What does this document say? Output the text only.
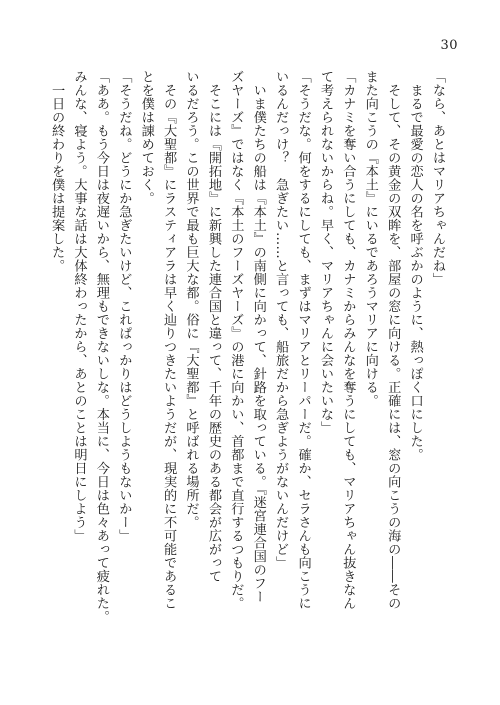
30

「なら、あとはマリアちゃんだね」

　まるで最愛の恋人の名を呼ぶかのように、熱っぽく口にした。

　そして、その黄金の双眸を、部屋の窓に向ける。正確には、窓の向こうの海の――その

また向こうの『本土』にいるであろうマリアに向ける。

「カナミを奪い合うにしても、カナミからみんなを奪うにしても、マリアちゃん抜きなん

て考えられないからね。早く、マリアちゃんに会いたいな」

「そうだな。何をするにしても、まずはマリアとリーパーだ。確か、セラさんも向こうに

いるんだっけ？　急ぎたい……と言っても、船旅だから急ぎようがないんだけど」

　いま僕たちの船は『本土』の南側に向かって、針路を取っている。『迷宮連合国のフー

ズヤーズ』ではなく『本土のフーズヤーズ』の港に向かい、首都まで直行するつもりだ。

　そこには『開拓地』に新興した連合国と違って、千年の歴史のある都会が広がって

いるだろう。この世界で最も巨大な都。俗に『大聖都』と呼ばれる場所だ。

　その『大聖都』にラスティアラは早く辿りつきたいようだが、現実的に不可能であるこ

とを僕は諌めておく。

「そうだね。どうにか急ぎたいけど、これぱっかりはどうしようもないかー」

「ああ。もう今日は夜遅いから、無理もできないしな。本当に、今日は色々あって疲れた。

みんな、寝よう。大事な話は大体終わったから、あとのことは明日にしよう」

　一日の終わりを僕は提案した。
